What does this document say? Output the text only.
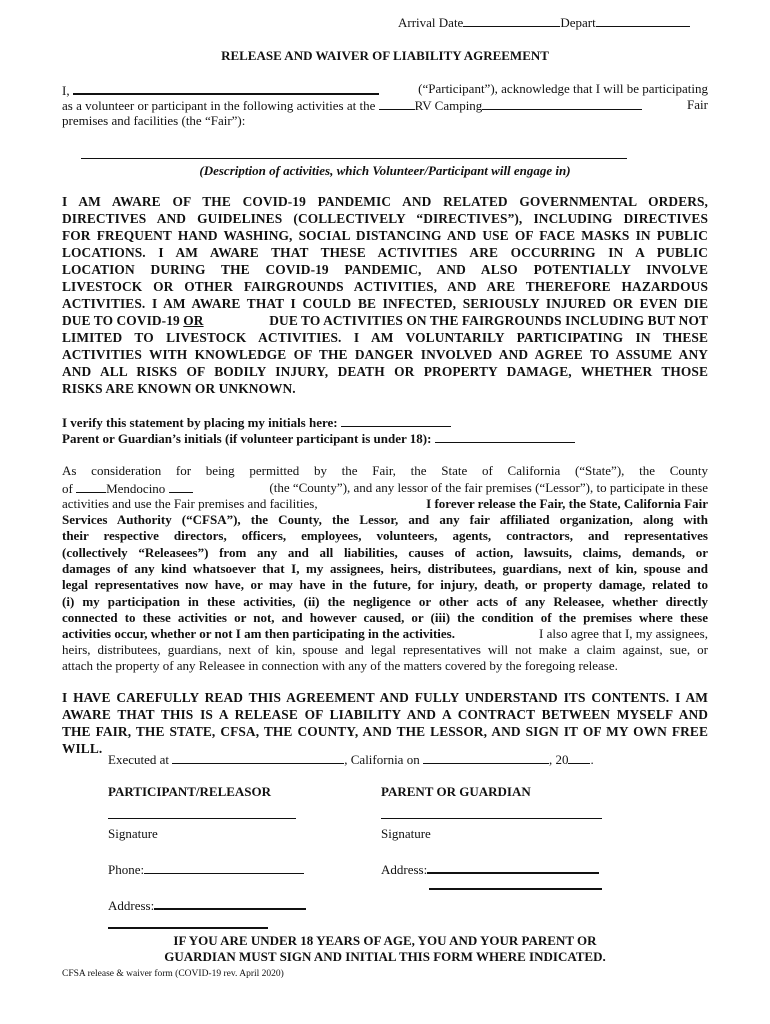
Arrival Date	Depart
RELEASE AND WAIVER OF LIABILITY AGREEMENT
I,	(“Participant”), acknowledge that I will be participating
as a volunteer or participant in the following activities at the	RV Camping	Fair
premises and facilities (the “Fair”):
(Description of activities, which Volunteer/Participant will engage in)
I AM AWARE OF THE COVID-19 PANDEMIC AND RELATED GOVERNMENTAL ORDERS,
DIRECTIVES AND GUIDELINES (COLLECTIVELY “DIRECTIVES”), INCLUDING DIRECTIVES
FOR FREQUENT HAND WASHING, SOCIAL DISTANCING AND USE OF FACE MASKS IN PUBLIC
LOCATIONS. I AM AWARE THAT THESE ACTIVITIES ARE OCCURRING IN A PUBLIC
LOCATION DURING THE COVID-19 PANDEMIC, AND ALSO POTENTIALLY INVOLVE
LIVESTOCK OR OTHER FAIRGROUNDS ACTIVITIES, AND ARE THEREFORE HAZARDOUS
ACTIVITIES. I AM AWARE THAT I COULD BE INFECTED, SERIOUSLY INJURED OR EVEN DIE
DUE TO COVID-19 OR	DUE TO ACTIVITIES ON THE FAIRGROUNDS INCLUDING BUT NOT
LIMITED TO LIVESTOCK ACTIVITIES. I AM VOLUNTARILY PARTICIPATING IN THESE
ACTIVITIES WITH KNOWLEDGE OF THE DANGER INVOLVED AND AGREE TO ASSUME ANY
AND ALL RISKS OF BODILY INJURY, DEATH OR PROPERTY DAMAGE, WHETHER THOSE
RISKS ARE KNOWN OR UNKNOWN.
I verify this statement by placing my initials here:
Parent or Guardian’s initials (if volunteer participant is under 18):
As consideration for being permitted by the Fair, the State of California (“State”), the County
of	Mendocino	(the “County”), and any lessor of the fair premises (“Lessor”), to participate in these
activities and use the Fair premises and facilities,	I forever release the Fair, the State, California Fair
Services Authority (“CFSA”), the County, the Lessor, and any fair affiliated organization, along with
their respective directors, officers, employees, volunteers, agents, contractors, and representatives
(collectively “Releasees”) from any and all liabilities, causes of action, lawsuits, claims, demands, or
damages of any kind whatsoever that I, my assignees, heirs, distributees, guardians, next of kin, spouse and
legal representatives now have, or may have in the future, for injury, death, or property damage, related to
(i) my participation in these activities, (ii) the negligence or other acts of any Releasee, whether directly
connected to these activities or not, and however caused, or (iii) the condition of the premises where these
activities occur, whether or not I am then participating in the activities.	I also agree that I, my assignees,
heirs, distributees, guardians, next of kin, spouse and legal representatives will not make a claim against, sue, or
attach the property of any Releasee in connection with any of the matters covered by the foregoing release.
I HAVE CAREFULLY READ THIS AGREEMENT AND FULLY UNDERSTAND ITS CONTENTS. I AM
AWARE THAT THIS IS A RELEASE OF LIABILITY AND A CONTRACT BETWEEN MYSELF AND
THE FAIR, THE STATE, CFSA, THE COUNTY, AND THE LESSOR, AND SIGN IT OF MY OWN FREE
WILL.
Executed at	, California on	, 20 .
PARTICIPANT/RELEASOR	PARENT OR GUARDIAN
Signature	Signature
Phone:	Address:
Address:
IF YOU ARE UNDER 18 YEARS OF AGE, YOU AND YOUR PARENT OR
GUARDIAN MUST SIGN AND INITIAL THIS FORM WHERE INDICATED.
CFSA release & waiver form (COVID-19 rev. April 2020)
